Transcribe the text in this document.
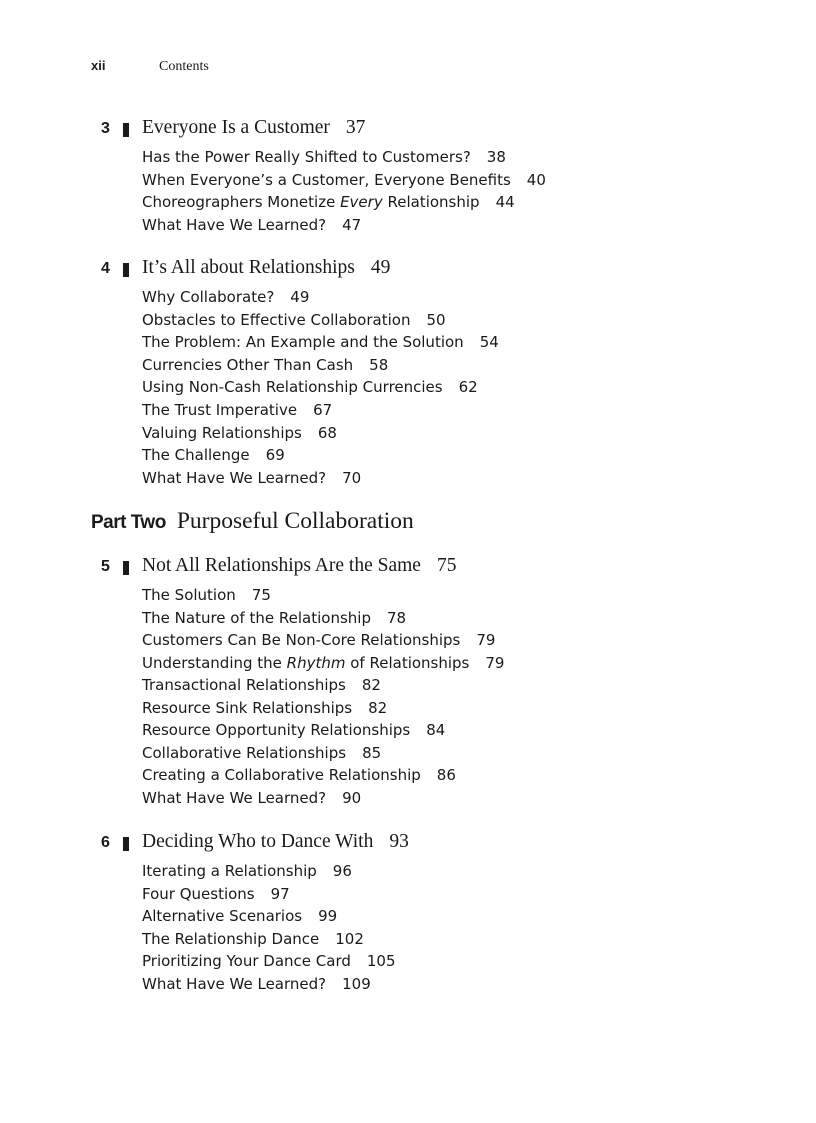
xii	Contents
3 Everyone Is a Customer 37
Has the Power Really Shifted to Customers? 38
When Everyone’s a Customer, Everyone Benefits 40
Choreographers Monetize Every Relationship 44
What Have We Learned? 47
4 It’s All about Relationships 49
Why Collaborate? 49
Obstacles to Effective Collaboration 50
The Problem: An Example and the Solution 54
Currencies Other Than Cash 58
Using Non-Cash Relationship Currencies 62
The Trust Imperative 67
Valuing Relationships 68
The Challenge 69
What Have We Learned? 70
Part Two Purposeful Collaboration
5 Not All Relationships Are the Same 75
The Solution 75
The Nature of the Relationship 78
Customers Can Be Non-Core Relationships 79
Understanding the Rhythm of Relationships 79
Transactional Relationships 82
Resource Sink Relationships 82
Resource Opportunity Relationships 84
Collaborative Relationships 85
Creating a Collaborative Relationship 86
What Have We Learned? 90
6 Deciding Who to Dance With 93
Iterating a Relationship 96
Four Questions 97
Alternative Scenarios 99
The Relationship Dance 102
Prioritizing Your Dance Card 105
What Have We Learned? 109
